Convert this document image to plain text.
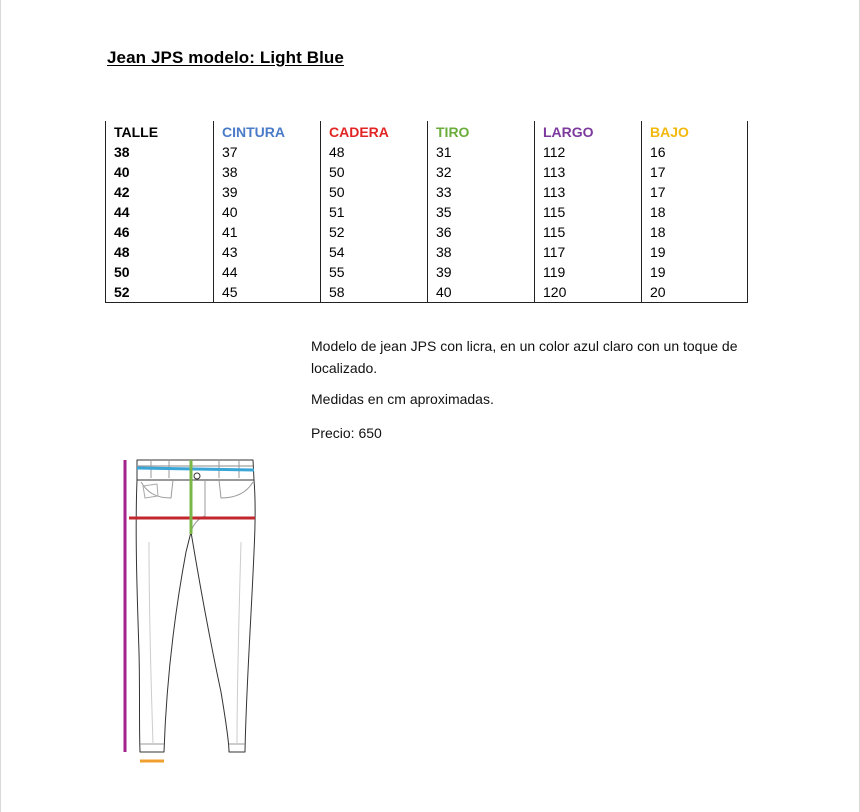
Jean JPS modelo: Light Blue
TALLE	CINTURA	CADERA	TIRO	LARGO	BAJO
38	37	48	31	112	16
40	38	50	32	113	17
42	39	50	33	113	17
44	40	51	35	115	18
46	41	52	36	115	18
48	43	54	38	117	19
50	44	55	39	119	19
52	45	58	40	120	20
Modelo de jean JPS con licra, en un color azul claro con un toque de localizado.
Medidas en cm aproximadas.
Precio: 650
